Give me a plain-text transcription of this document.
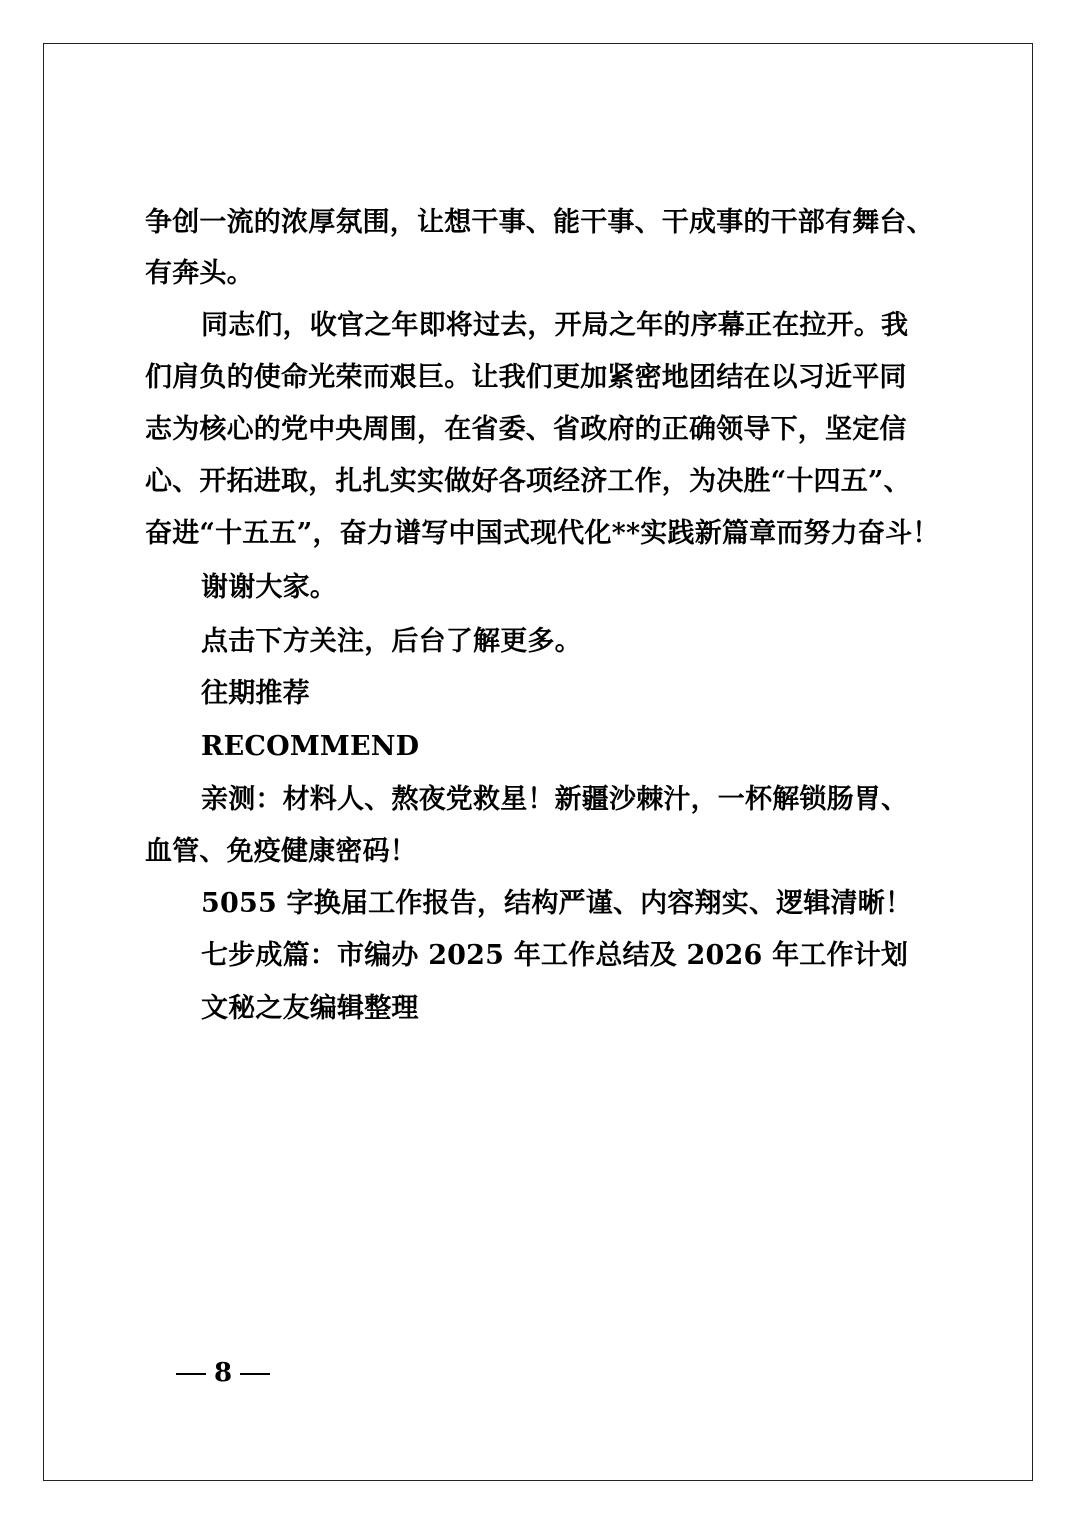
争创一流的浓厚氛围，让想干事、能干事、干成事的干部有舞台、
有奔头。
同志们，收官之年即将过去，开局之年的序幕正在拉开。我
们肩负的使命光荣而艰巨。让我们更加紧密地团结在以习近平同
志为核心的党中央周围，在省委、省政府的正确领导下，坚定信
心、开拓进取，扎扎实实做好各项经济工作，为决胜“十四五”、
奋进“十五五”，奋力谱写中国式现代化**实践新篇章而努力奋斗！
谢谢大家。
点击下方关注，后台了解更多。
往期推荐
RECOMMEND
亲测：材料人、熬夜党救星！新疆沙棘汁，一杯解锁肠胃、
血管、免疫健康密码！
5055 字换届工作报告，结构严谨、内容翔实、逻辑清晰！
七步成篇：市编办 2025 年工作总结及 2026 年工作计划
文秘之友编辑整理
8
